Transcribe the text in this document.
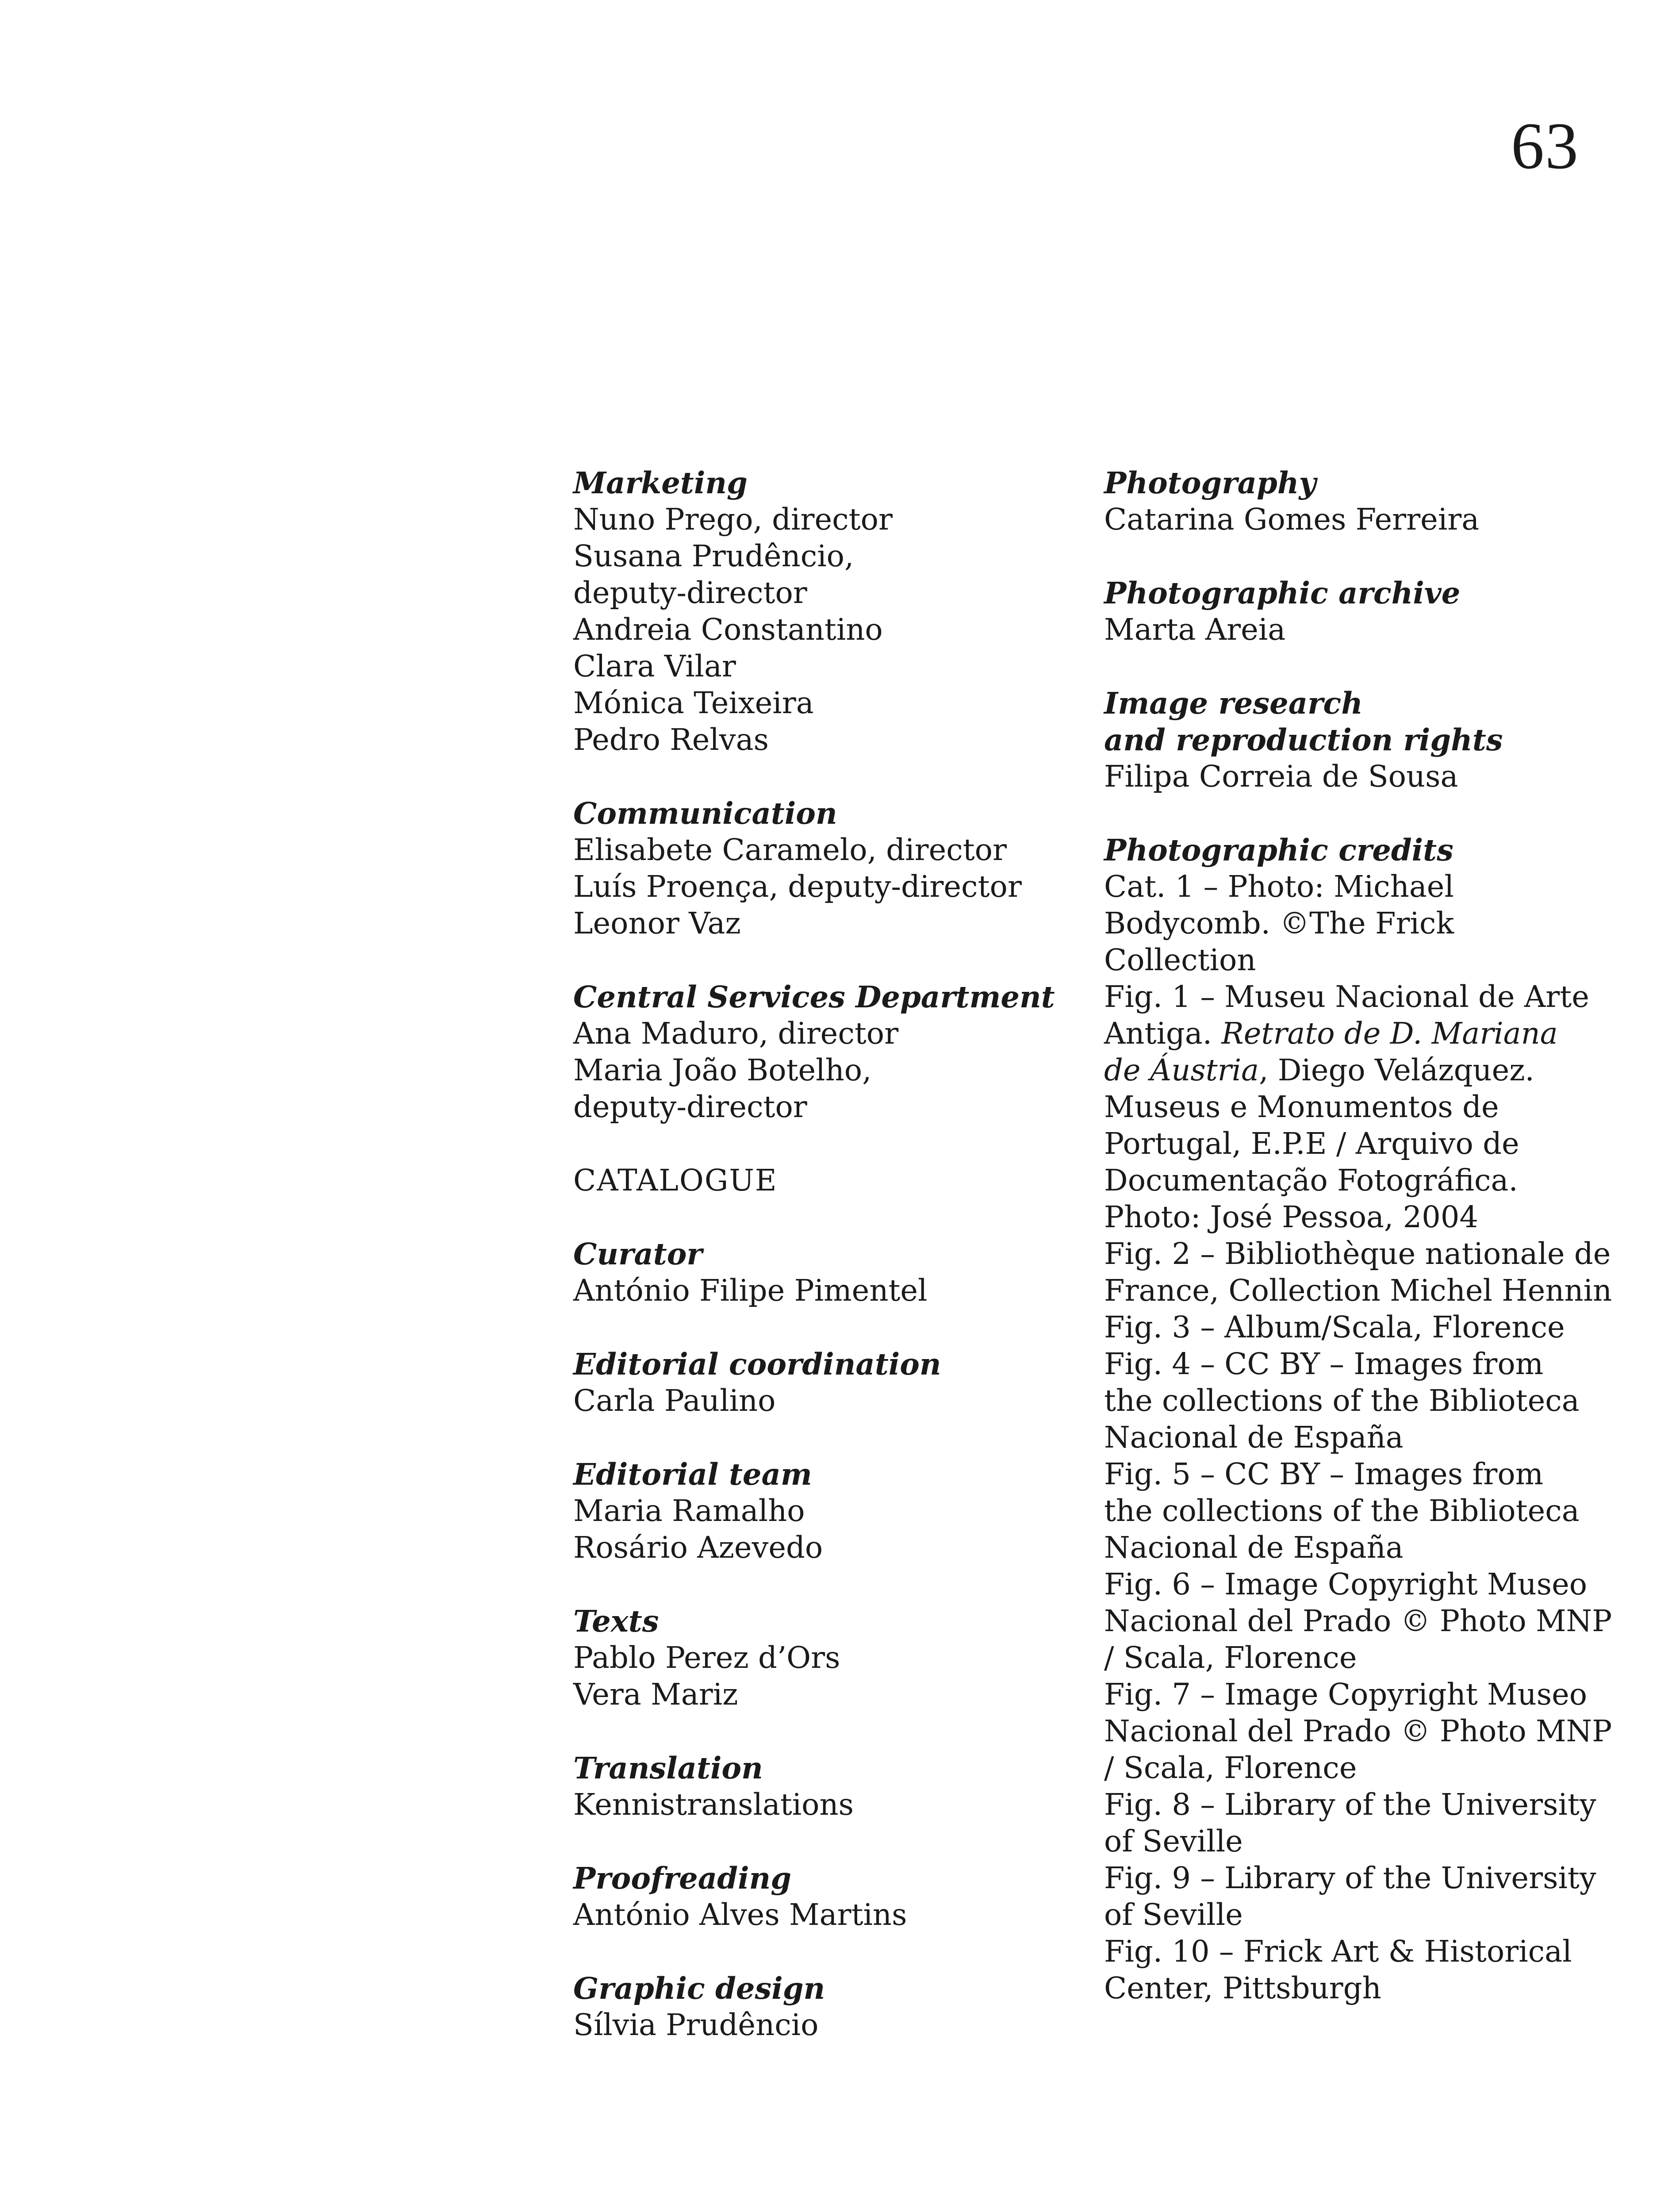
63
Marketing
Nuno Prego, director
Susana Prudêncio,
deputy-director
Andreia Constantino
Clara Vilar
Mónica Teixeira
Pedro Relvas
Communication
Elisabete Caramelo, director
Luís Proença, deputy-director
Leonor Vaz
Central Services Department
Ana Maduro, director
Maria João Botelho,
deputy-director
CATALOGUE
Curator
António Filipe Pimentel
Editorial coordination
Carla Paulino
Editorial team
Maria Ramalho
Rosário Azevedo
Texts
Pablo Perez d’Ors
Vera Mariz
Translation
Kennistranslations
Proofreading
António Alves Martins
Graphic design
Sílvia Prudêncio
Photography
Catarina Gomes Ferreira
Photographic archive
Marta Areia
Image research
and reproduction rights
Filipa Correia de Sousa
Photographic credits
Cat. 1 – Photo: Michael
Bodycomb. ©The Frick
Collection
Fig. 1 – Museu Nacional de Arte
Antiga. Retrato de D. Mariana
de Áustria, Diego Velázquez.
Museus e Monumentos de
Portugal, E.P.E / Arquivo de
Documentação Fotográfica.
Photo: José Pessoa, 2004
Fig. 2 – Bibliothèque nationale de
France, Collection Michel Hennin
Fig. 3 – Album/Scala, Florence
Fig. 4 – CC BY – Images from
the collections of the Biblioteca
Nacional de España
Fig. 5 – CC BY – Images from
the collections of the Biblioteca
Nacional de España
Fig. 6 – Image Copyright Museo
Nacional del Prado © Photo MNP
/ Scala, Florence
Fig. 7 – Image Copyright Museo
Nacional del Prado © Photo MNP
/ Scala, Florence
Fig. 8 – Library of the University
of Seville
Fig. 9 – Library of the University
of Seville
Fig. 10 – Frick Art & Historical
Center, Pittsburgh
